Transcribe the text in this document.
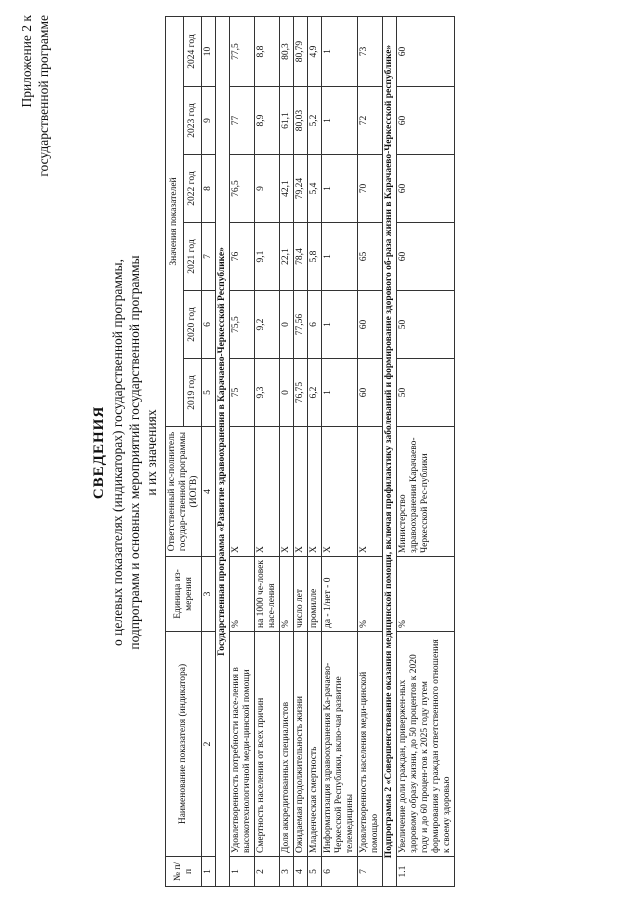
Приложение 2 к государственной программе
СВЕДЕНИЯ о целевых показателях (индикаторах) государственной программы, подпрограмм и основных мероприятий государственной программы и их значениях
№ п/п	Наименование показателя (индикатора)	Единица из-мерения	Ответственный ис-полнитель государ-ственной программы (ИОГВ)	Значения показателей					
				2019 год	2020 год	2021 год	2022 год	2023 год	2024 год
1	2	3	4	5	6	7	8	9	10
Государственная программа «Развитие здравоохранения в Карачаево-Черкесской Республике»									
1	Удовлетворенность потребности насе-ления в высокотехнологичной меди-цинской помощи	%	Х	75	75,5	76	76,5	77	77,5
2	Смертность населения от всех причин	на 1000 че-ловек насе-ления	Х	9,3	9,2	9,1	9	8,9	8,8
3	Доля аккредитованных специалистов	%	Х	0	0	22,1	42,1	61,1	80,3
4	Ожидаемая продолжительность жизни	число лет	Х	76,75	77,56	78,4	79,24	80,03	80,79
5	Младенческая смертность	промилле	Х	6,2	6	5,8	5,4	5,2	4,9
6	Информатизация здравоохранения Ка-рачаево-Черкесской Республики, вклю-чая развитие телемедицины	да - 1/нет - 0	Х	1	1	1	1	1	1
7	Удовлетворенность населения меди-цинской помощью	%	Х	60	60	65	70	72	73
Подпрограмма 2 «Совершенствование оказания медицинской помощи, включая профилактику заболеваний и формирование здорового об-раза жизни в Карачаево-Черкесской республике»									
1.1	Увеличение доли граждан, привержен-ных здоровому образу жизни, до 50 процентов к 2020 году и до 60 процен-тов к 2025 году путем формирования у граждан ответственного отношения к своему здоровью	%	Министерство здравоохранения Карачаево-Черкесской Рес-публики	50	50	60	60	60	60
